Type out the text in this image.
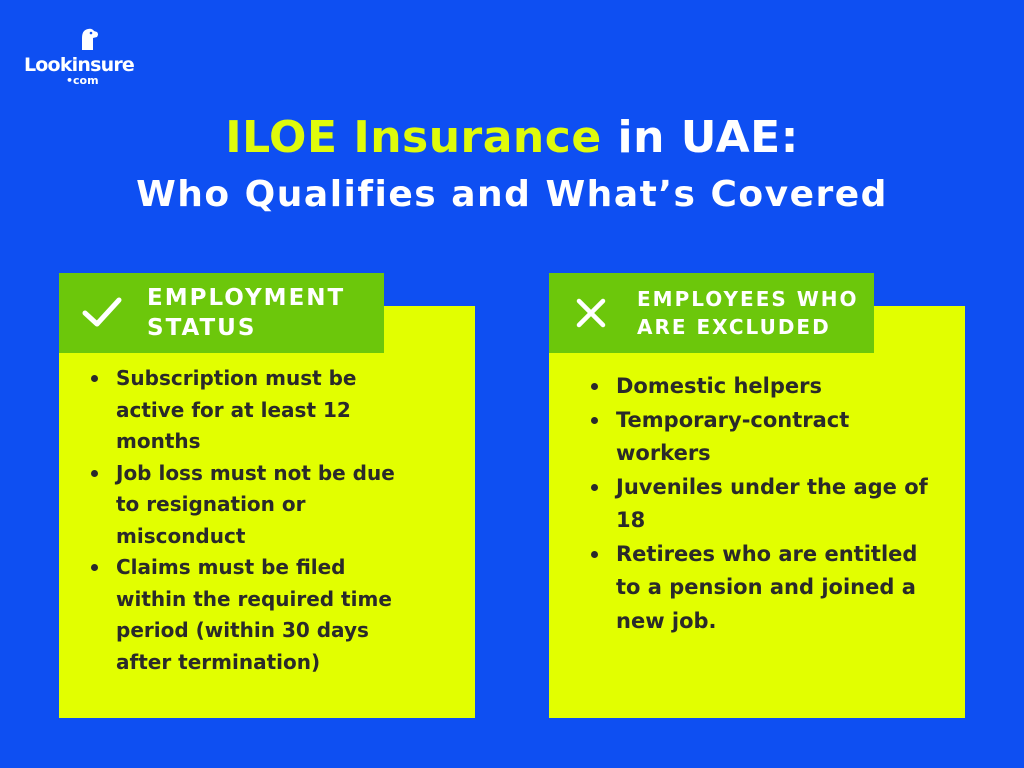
Lookinsure
•com
ILOE Insurance in UAE:
Who Qualifies and What’s Covered
EMPLOYMENT
STATUS
Subscription must be active for at least 12 months
Job loss must not be due to resignation or misconduct
Claims must be filed within the required time period (within 30 days after termination)
EMPLOYEES WHO
ARE EXCLUDED
Domestic helpers
Temporary-contract workers
Juveniles under the age of 18
Retirees who are entitled to a pension and joined a new job.
